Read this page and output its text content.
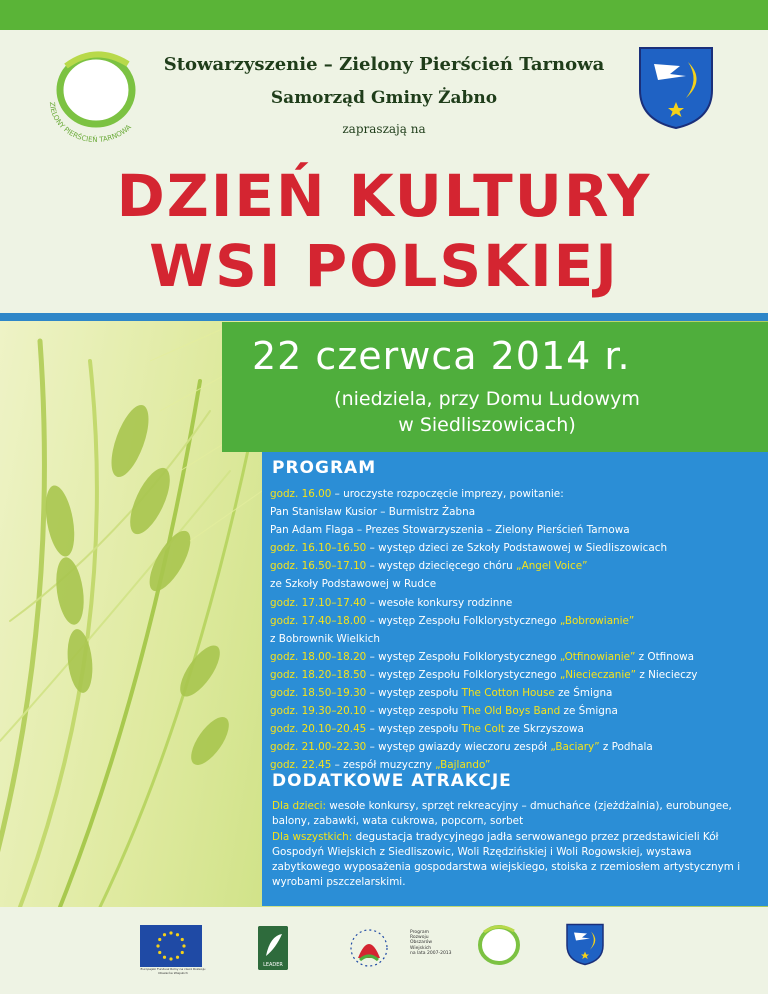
ZIELONY PIERŚCIEŃ TARNOWA
Stowarzyszenie – Zielony Pierścień Tarnowa
Samorząd Gminy Żabno
zapraszają na
DZIEŃ KULTURY
WSI POLSKIEJ
22 czerwca 2014 r.
(niedziela, przy Domu Ludowym
w Siedliszowicach)
PROGRAM
godz. 16.00 – uroczyste rozpoczęcie imprezy, powitanie:
Pan Stanisław Kusior – Burmistrz Żabna
Pan Adam Flaga – Prezes Stowarzyszenia – Zielony Pierścień Tarnowa
godz. 16.10–16.50 – występ dzieci ze Szkoły Podstawowej w Siedliszowicach
godz. 16.50–17.10 – występ dziecięcego chóru „Angel Voice”
ze Szkoły Podstawowej w Rudce
godz. 17.10–17.40 – wesołe konkursy rodzinne
godz. 17.40–18.00 – występ Zespołu Folklorystycznego „Bobrowianie”
z Bobrownik Wielkich
godz. 18.00–18.20 – występ Zespołu Folklorystycznego „Otfinowianie” z Otfinowa
godz. 18.20–18.50 – występ Zespołu Folklorystycznego „Niecieczanie” z Niecieczy
godz. 18.50–19.30 – występ zespołu The Cotton House ze Śmigna
godz. 19.30–20.10 – występ zespołu The Old Boys Band ze Śmigna
godz. 20.10–20.45 – występ zespołu The Colt ze Skrzyszowa
godz. 21.00–22.30 – występ gwiazdy wieczoru zespół „Baciary” z Podhala
godz. 22.45 – zespół muzyczny „Bajlando”
DODATKOWE ATRAKCJE
Dla dzieci: wesołe konkursy, sprzęt rekreacyjny – dmuchańce (zjeżdżalnia), eurobungee, balony, zabawki, wata cukrowa, popcorn, sorbet
Dla wszystkich: degustacja tradycyjnego jadła serwowanego przez przedstawicieli Kół Gospodyń Wiejskich z Siedliszowic, Woli Rzędzińskiej i Woli Rogowskiej, wystawa zabytkowego wyposażenia gospodarstwa wiejskiego, stoiska z rzemiosłem artystycznym i wyrobami pszczelarskimi.
Europejski Fundusz Rolny na rzecz Rozwoju Obszarów Wiejskich
LEADER
Program
Rozwoju
Obszarów
Wiejskich
na lata 2007-2013
